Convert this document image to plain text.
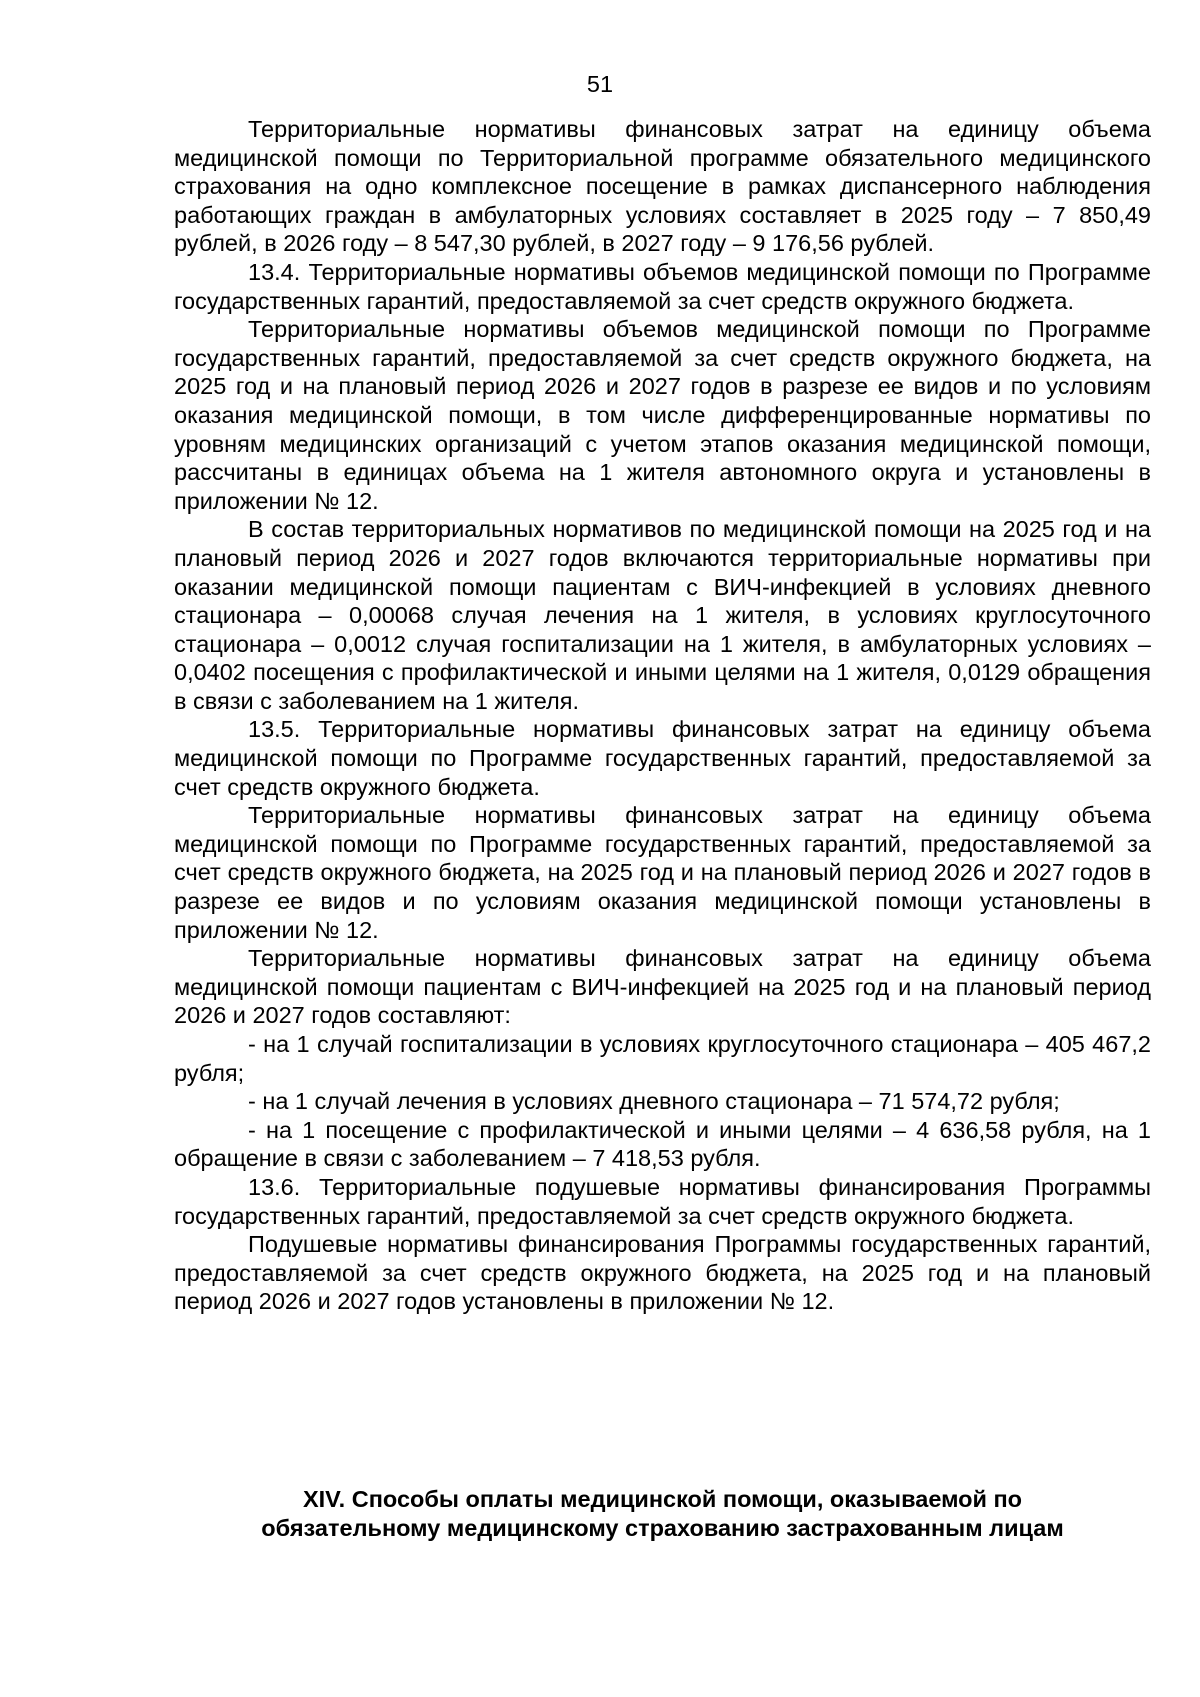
51

Территориальные нормативы финансовых затрат на единицу объема медицинской помощи по Территориальной программе обязательного медицинского страхования на одно комплексное посещение в рамках диспансерного наблюдения работающих граждан в амбулаторных условиях составляет в 2025 году – 7 850,49 рублей, в 2026 году – 8 547,30 рублей, в 2027 году – 9 176,56 рублей.

13.4. Территориальные нормативы объемов медицинской помощи по Программе государственных гарантий, предоставляемой за счет средств окружного бюджета.

Территориальные нормативы объемов медицинской помощи по Программе государственных гарантий, предоставляемой за счет средств окружного бюджета, на 2025 год и на плановый период 2026 и 2027 годов в разрезе ее видов и по условиям оказания медицинской помощи, в том числе дифференцированные нормативы по уровням медицинских организаций с учетом этапов оказания медицинской помощи, рассчитаны в единицах объема на 1 жителя автономного округа и установлены в приложении № 12.

В состав территориальных нормативов по медицинской помощи на 2025 год и на плановый период 2026 и 2027 годов включаются территориальные нормативы при оказании медицинской помощи пациентам с ВИЧ-инфекцией в условиях дневного стационара – 0,00068 случая лечения на 1 жителя, в условиях круглосуточного стационара – 0,0012 случая госпитализации на 1 жителя, в амбулаторных условиях – 0,0402 посещения с профилактической и иными целями на 1 жителя, 0,0129 обращения в связи с заболеванием на 1 жителя.

13.5. Территориальные нормативы финансовых затрат на единицу объема медицинской помощи по Программе государственных гарантий, предоставляемой за счет средств окружного бюджета.

Территориальные нормативы финансовых затрат на единицу объема медицинской помощи по Программе государственных гарантий, предоставляемой за счет средств окружного бюджета, на 2025 год и на плановый период 2026 и 2027 годов в разрезе ее видов и по условиям оказания медицинской помощи установлены в приложении № 12.

Территориальные нормативы финансовых затрат на единицу объема медицинской помощи пациентам с ВИЧ-инфекцией на 2025 год и на плановый период 2026 и 2027 годов составляют:

- на 1 случай госпитализации в условиях круглосуточного стационара – 405 467,2 рубля;

- на 1 случай лечения в условиях дневного стационара – 71 574,72 рубля;

- на 1 посещение с профилактической и иными целями – 4 636,58 рубля, на 1 обращение в связи с заболеванием – 7 418,53 рубля.

13.6. Территориальные подушевые нормативы финансирования Программы государственных гарантий, предоставляемой за счет средств окружного бюджета.

Подушевые нормативы финансирования Программы государственных гарантий, предоставляемой за счет средств окружного бюджета, на 2025 год и на плановый период 2026 и 2027 годов установлены в приложении № 12.

XIV. Способы оплаты медицинской помощи, оказываемой по
обязательному медицинскому страхованию застрахованным лицам
